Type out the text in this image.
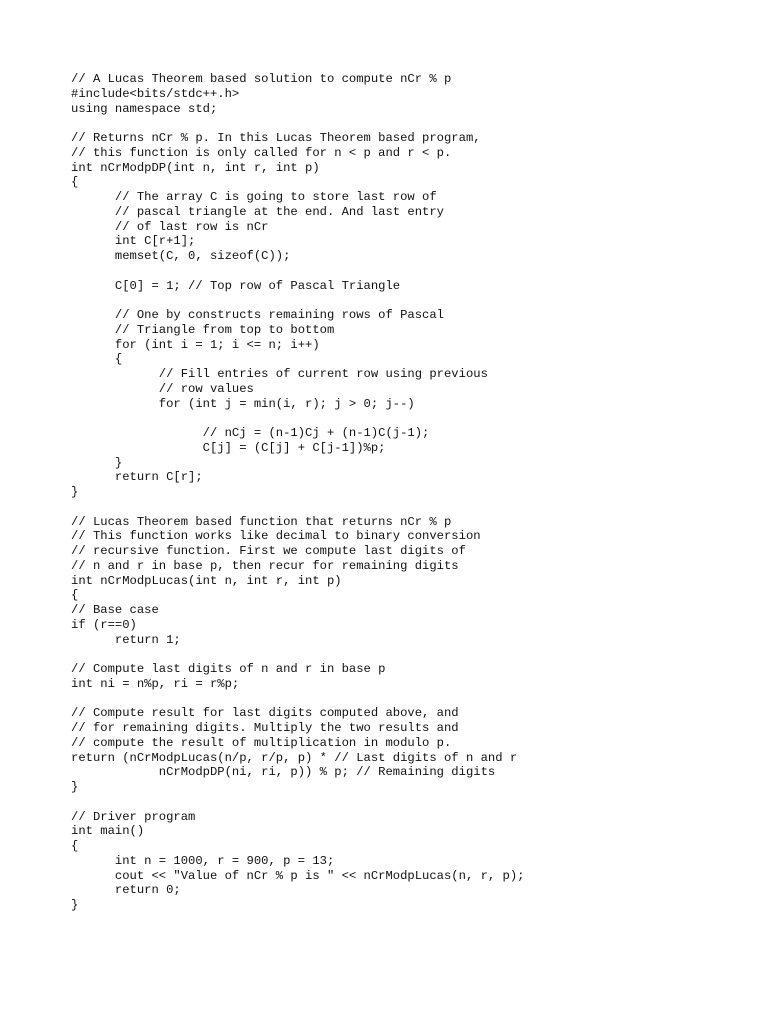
// A Lucas Theorem based solution to compute nCr % p
#include<bits/stdc++.h>
using namespace std;
// Returns nCr % p. In this Lucas Theorem based program,
// this function is only called for n < p and r < p.
int nCrModpDP(int n, int r, int p)
{
// The array C is going to store last row of
// pascal triangle at the end. And last entry
// of last row is nCr
int C[r+1];
memset(C, 0, sizeof(C));
C[0] = 1; // Top row of Pascal Triangle
// One by constructs remaining rows of Pascal
// Triangle from top to bottom
for (int i = 1; i <= n; i++)
{
// Fill entries of current row using previous
// row values
for (int j = min(i, r); j > 0; j--)
// nCj = (n-1)Cj + (n-1)C(j-1);
C[j] = (C[j] + C[j-1])%p;
}
return C[r];
}
// Lucas Theorem based function that returns nCr % p
// This function works like decimal to binary conversion
// recursive function. First we compute last digits of
// n and r in base p, then recur for remaining digits
int nCrModpLucas(int n, int r, int p)
{
// Base case
if (r==0)
return 1;
// Compute last digits of n and r in base p
int ni = n%p, ri = r%p;
// Compute result for last digits computed above, and
// for remaining digits. Multiply the two results and
// compute the result of multiplication in modulo p.
return (nCrModpLucas(n/p, r/p, p) * // Last digits of n and r
nCrModpDP(ni, ri, p)) % p; // Remaining digits
}
// Driver program
int main()
{
int n = 1000, r = 900, p = 13;
cout << "Value of nCr % p is " << nCrModpLucas(n, r, p);
return 0;
}
